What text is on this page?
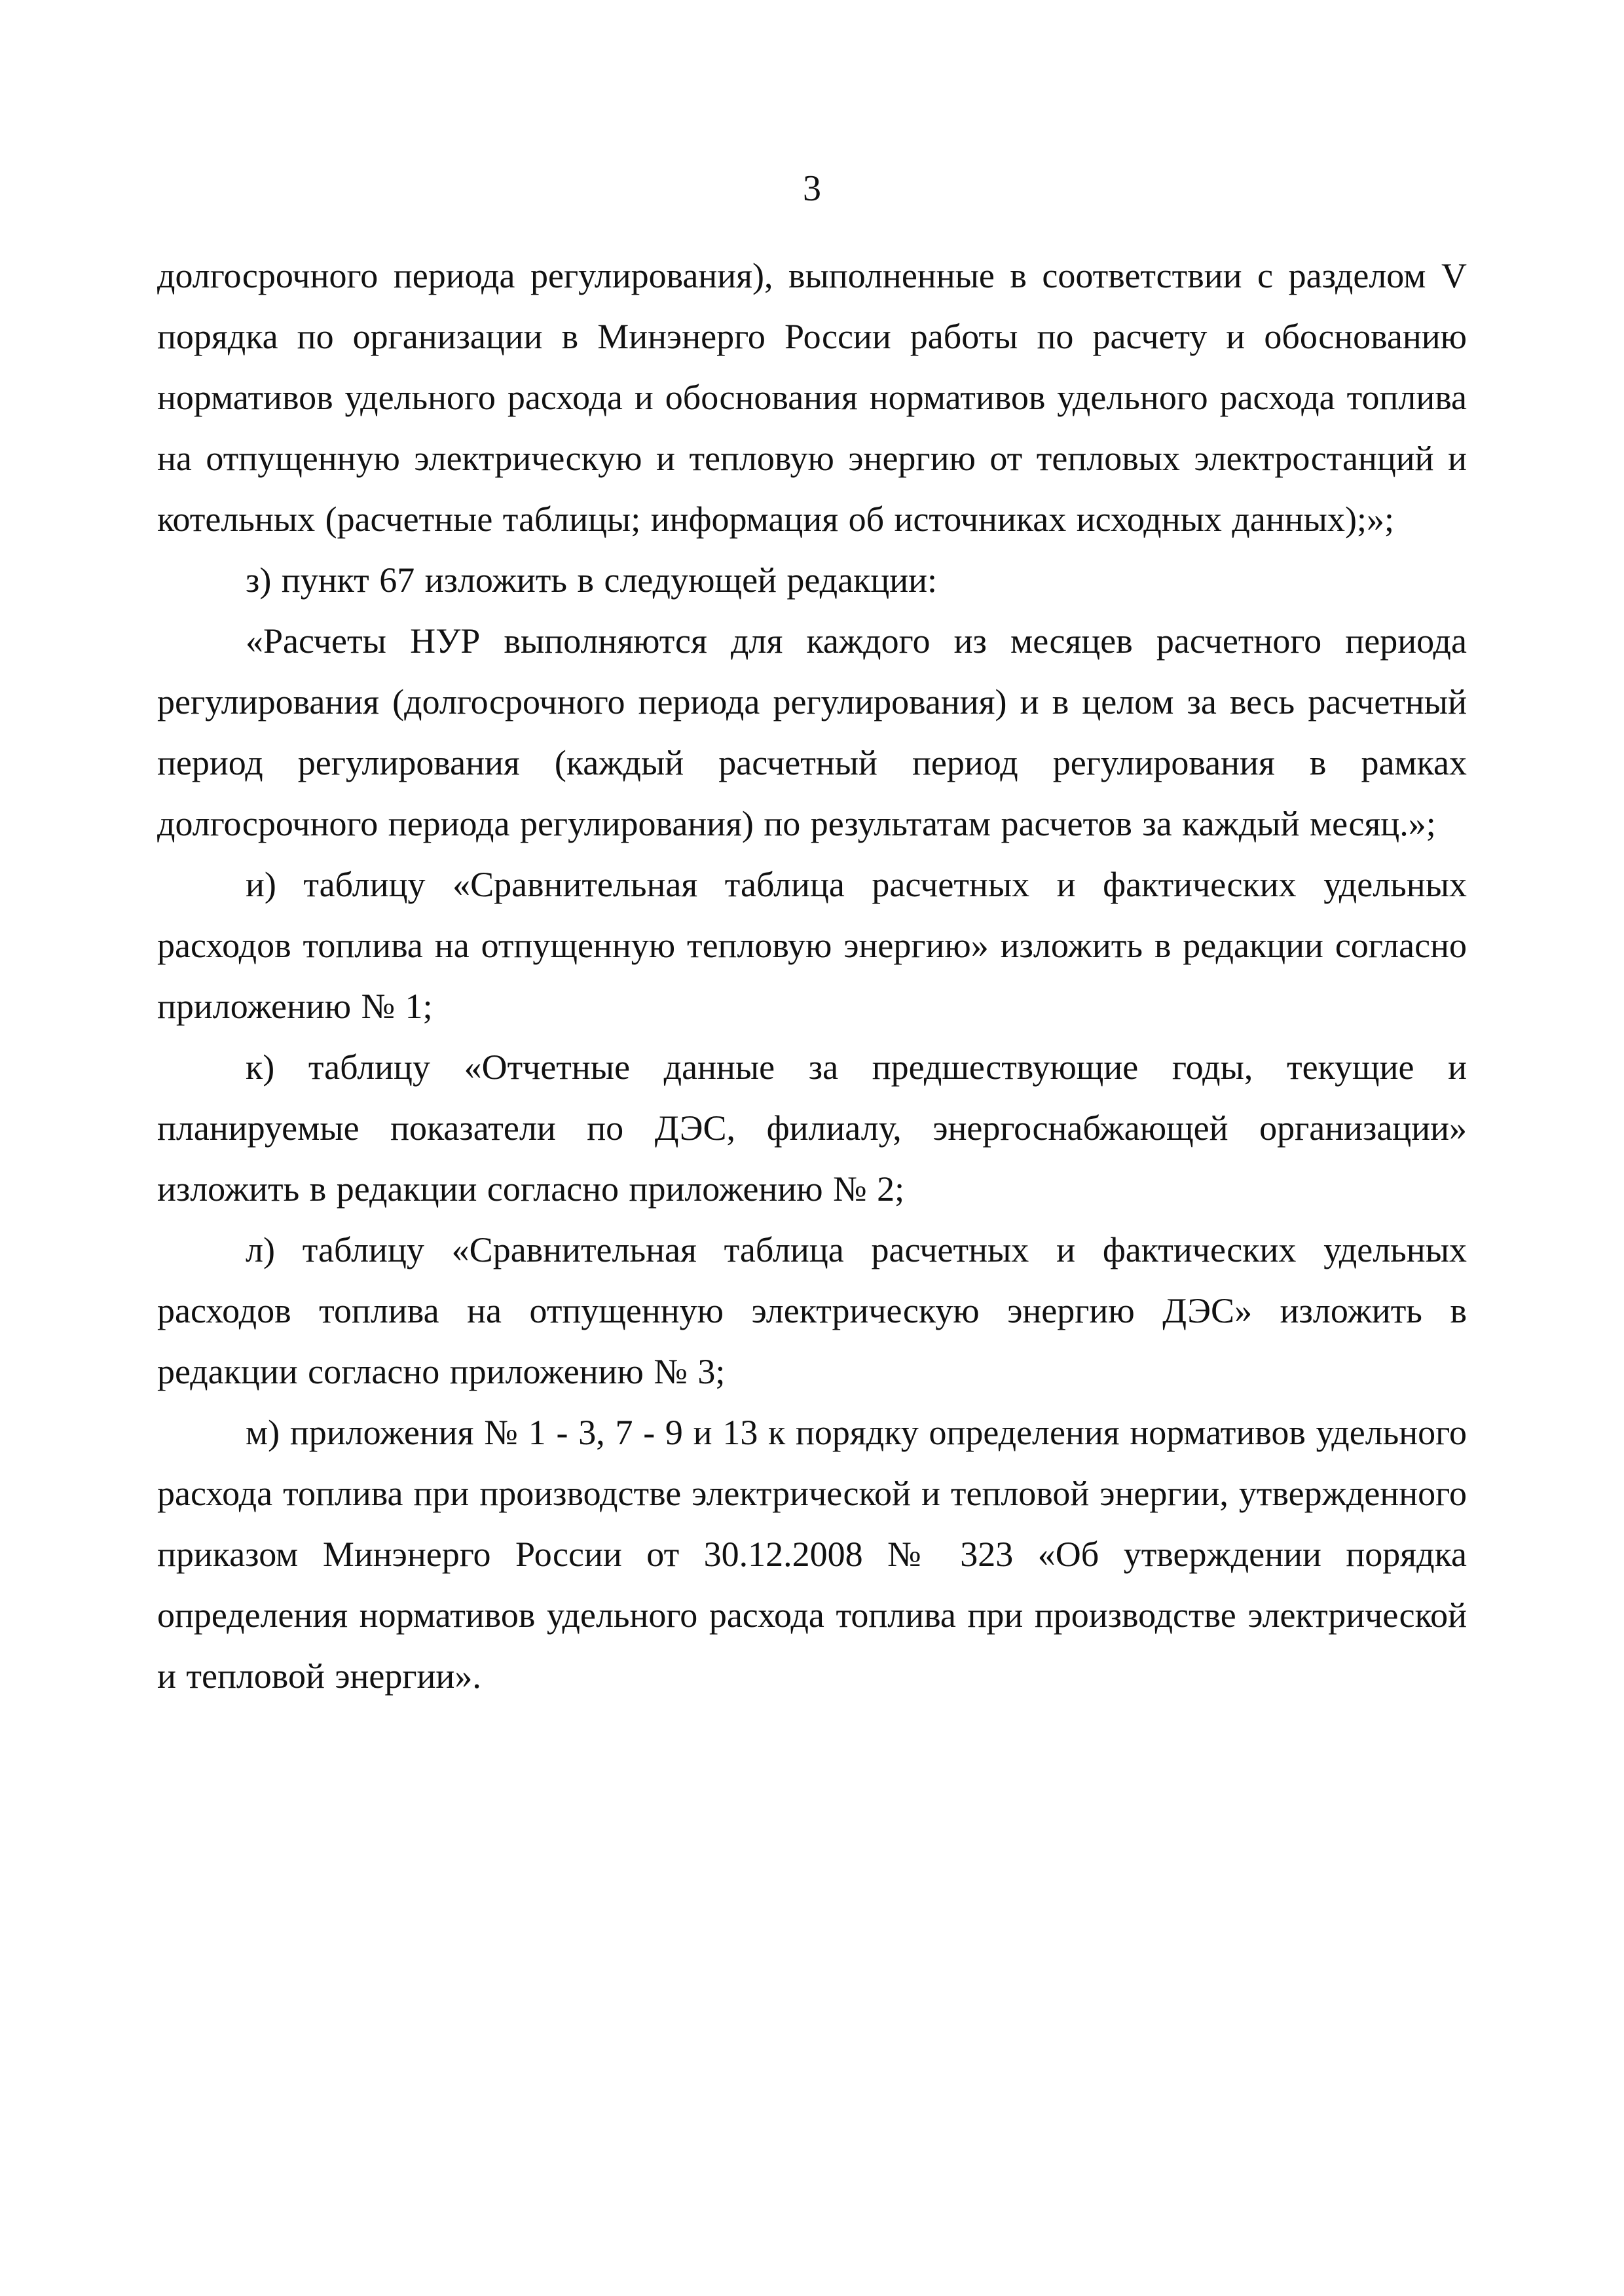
3

долгосрочного периода регулирования), выполненные в соответствии с разделом V порядка по организации в Минэнерго России работы по расчету и обоснованию нормативов удельного расхода и обоснования нормативов удельного расхода топлива на отпущенную электрическую и тепловую энергию от тепловых электростанций и котельных (расчетные таблицы; информация об источниках исходных данных);»;

з) пункт 67 изложить в следующей редакции:

«Расчеты НУР выполняются для каждого из месяцев расчетного периода регулирования (долгосрочного периода регулирования) и в целом за весь расчетный период регулирования (каждый расчетный период регулирования в рамках долгосрочного периода регулирования) по результатам расчетов за каждый месяц.»;

и) таблицу «Сравнительная таблица расчетных и фактических удельных расходов топлива на отпущенную тепловую энергию» изложить в редакции согласно приложению № 1;

к) таблицу «Отчетные данные за предшествующие годы, текущие и планируемые показатели по ДЭС, филиалу, энергоснабжающей организации» изложить в редакции согласно приложению № 2;

л) таблицу «Сравнительная таблица расчетных и фактических удельных расходов топлива на отпущенную электрическую энергию ДЭС» изложить в редакции согласно приложению № 3;

м) приложения № 1 - 3, 7 - 9 и 13 к порядку определения нормативов удельного расхода топлива при производстве электрической и тепловой энергии, утвержденного приказом Минэнерго России от 30.12.2008 № 323 «Об утверждении порядка определения нормативов удельного расхода топлива при производстве электрической и тепловой энергии».
